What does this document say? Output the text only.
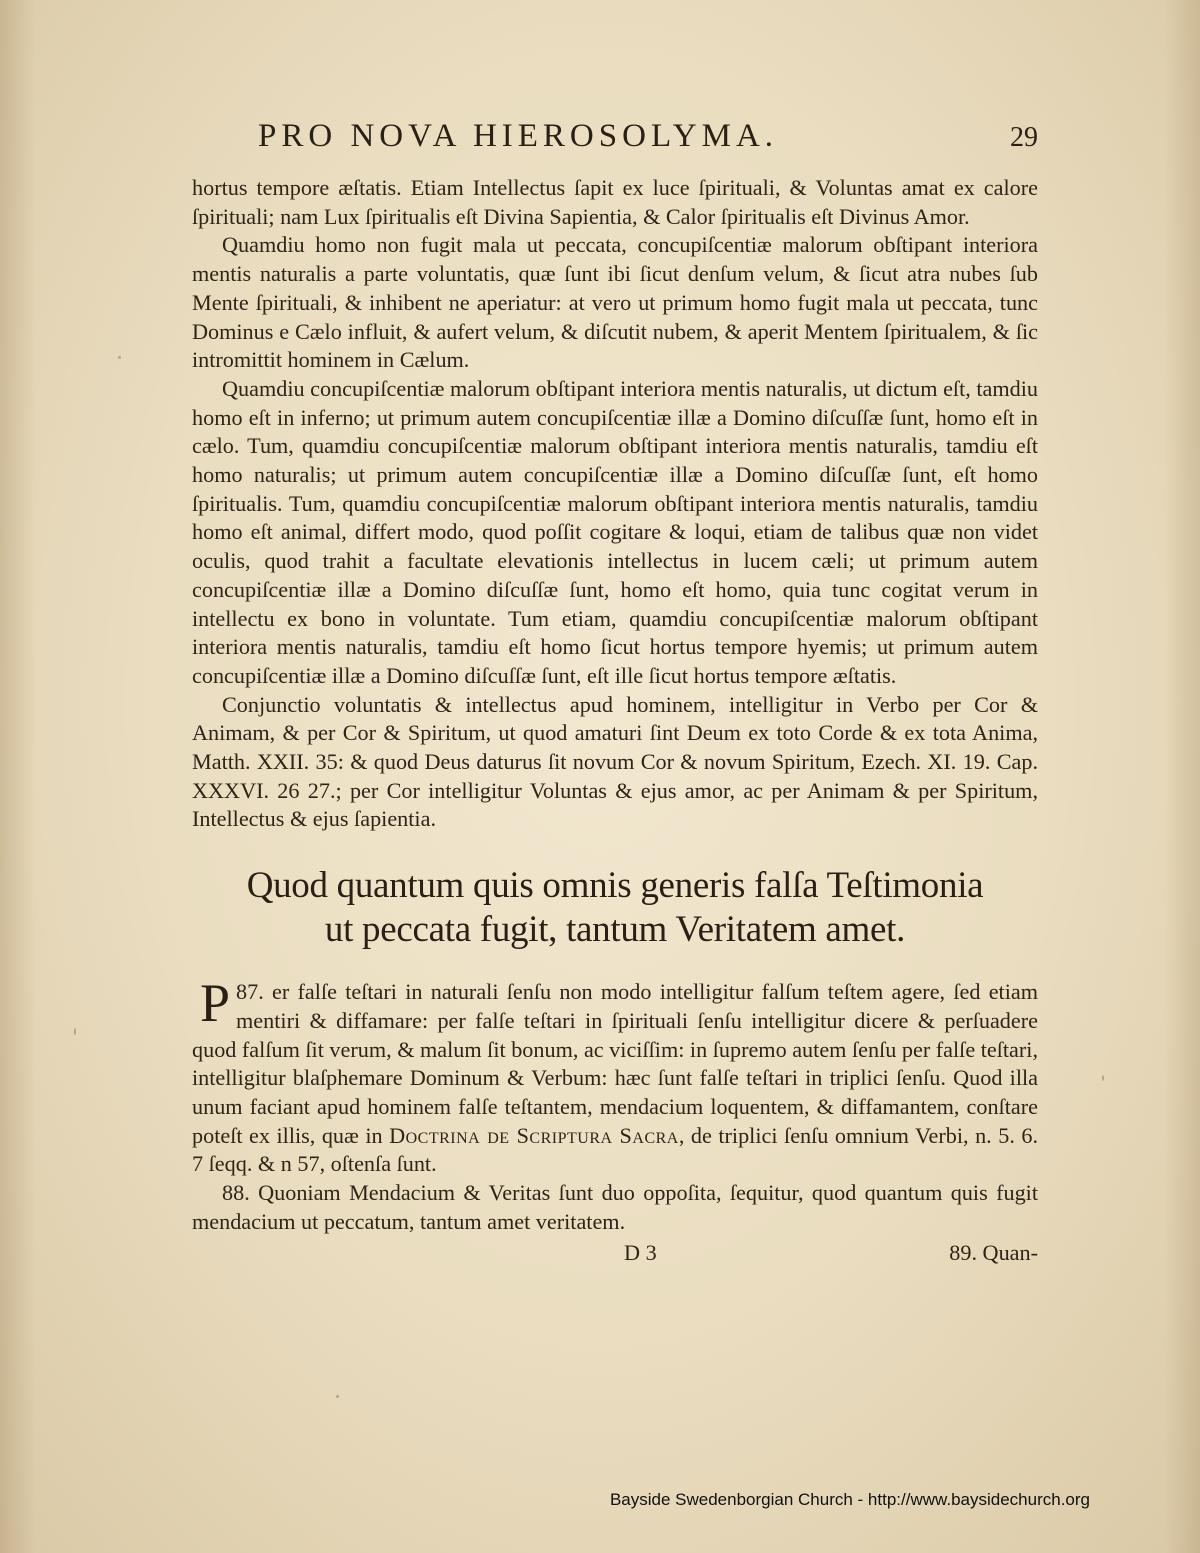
PRO NOVA HIEROSOLYMA.	29

hortus tempore æſtatis. Etiam Intellectus ſapit ex luce ſpirituali, & Voluntas amat ex calore ſpirituali; nam Lux ſpiritualis eſt Divina Sapientia, & Calor ſpiritualis eſt Divinus Amor.

Quamdiu homo non fugit mala ut peccata, concupiſcentiæ malorum obſtipant interiora mentis naturalis a parte voluntatis, quæ ſunt ibi ſicut denſum velum, & ſicut atra nubes ſub Mente ſpirituali, & inhibent ne aperiatur: at vero ut primum homo fugit mala ut peccata, tunc Dominus e Cælo influit, & aufert velum, & diſcutit nubem, & aperit Mentem ſpiritualem, & ſic intromittit hominem in Cælum.

Quamdiu concupiſcentiæ malorum obſtipant interiora mentis naturalis, ut dictum eſt, tamdiu homo eſt in inferno; ut primum autem concupiſcentiæ illæ a Domino diſcuſſæ ſunt, homo eſt in cælo. Tum, quamdiu concupiſcentiæ malorum obſtipant interiora mentis naturalis, tamdiu eſt homo naturalis; ut primum autem concupiſcentiæ illæ a Domino diſcuſſæ ſunt, eſt homo ſpiritualis. Tum, quamdiu concupiſcentiæ malorum obſtipant interiora mentis naturalis, tamdiu homo eſt animal, differt modo, quod poſſit cogitare & loqui, etiam de talibus quæ non videt oculis, quod trahit a facultate elevationis intellectus in lucem cæli; ut primum autem concupiſcentiæ illæ a Domino diſcuſſæ ſunt, homo eſt homo, quia tunc cogitat verum in intellectu ex bono in voluntate. Tum etiam, quamdiu concupiſcentiæ malorum obſtipant interiora mentis naturalis, tamdiu eſt homo ſicut hortus tempore hyemis; ut primum autem concupiſcentiæ illæ a Domino diſcuſſæ ſunt, eſt ille ſicut hortus tempore æſtatis.

Conjunctio voluntatis & intellectus apud hominem, intelligitur in Verbo per Cor & Animam, & per Cor & Spiritum, ut quod amaturi ſint Deum ex toto Corde & ex tota Anima, Matth. XXII. 35: & quod Deus daturus ſit novum Cor & novum Spiritum, Ezech. XI. 19. Cap. XXXVI. 26 27.; per Cor intelligitur Voluntas & ejus amor, ac per Animam & per Spiritum, Intellectus & ejus ſapientia.

Quod quantum quis omnis generis falſa Teſtimonia
ut peccata fugit, tantum Veritatem amet.

87.
P er falſe teſtari in naturali ſenſu non modo intelligitur falſum teſtem agere, ſed etiam mentiri & diffamare: per falſe teſtari in ſpirituali ſenſu intelligitur dicere & perſuadere quod falſum ſit verum, & malum ſit bonum, ac viciſſim: in ſupremo autem ſenſu per falſe teſtari, intelligitur blaſphemare Dominum & Verbum: hæc ſunt falſe teſtari in triplici ſenſu. Quod illa unum faciant apud hominem falſe teſtantem, mendacium loquentem, & diffamantem, conſtare poteſt ex illis, quæ in Doctrina de Scriptura Sacra, de triplici ſenſu omnium Verbi, n. 5. 6. 7 ſeqq. & n 57, oſtenſa ſunt.

88. Quoniam Mendacium & Veritas ſunt duo oppoſita, ſequitur, quod quantum quis fugit mendacium ut peccatum, tantum amet veritatem.

D 3	89. Quan-
Bayside Swedenborgian Church - http://www.baysidechurch.org
